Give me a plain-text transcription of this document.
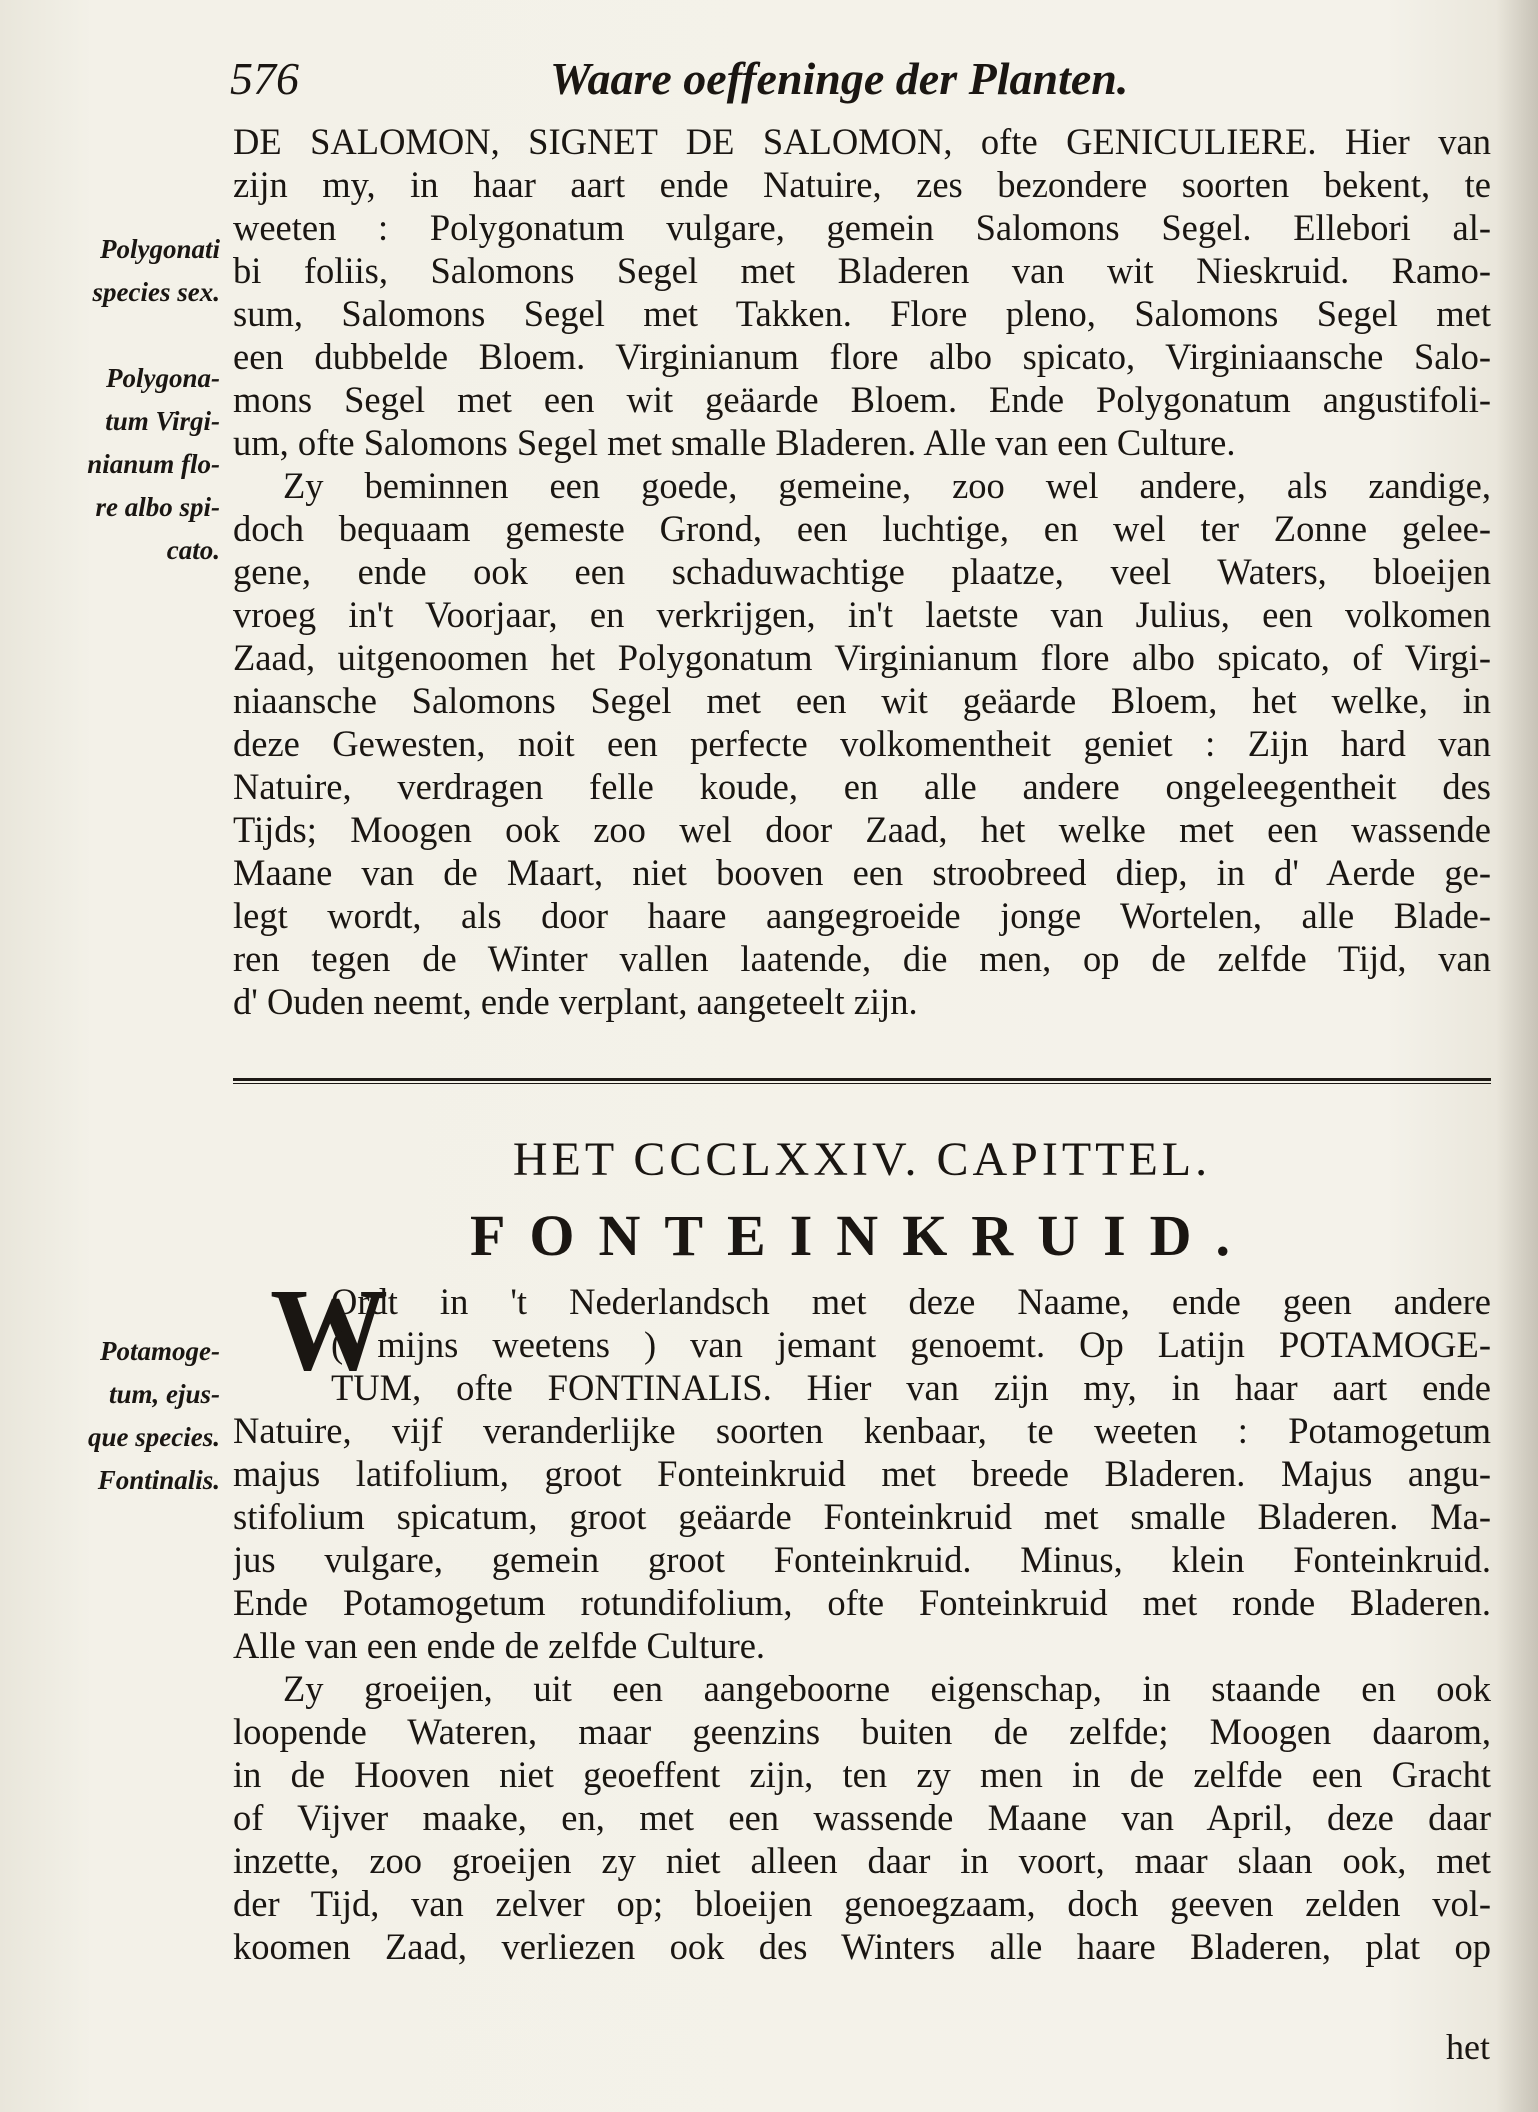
576	Waare oeffeninge der Planten.
Polygonati
species sex.
Polygona-
tum Virgi-
nianum flo-
re albo spi-
cato.
Potamoge-
tum, ejus-
que species.
Fontinalis.
DE SALOMON, SIGNET DE SALOMON, ofte GENICULIERE. Hier van
zijn my, in haar aart ende Natuire, zes bezondere soorten bekent, te
weeten : Polygonatum vulgare, gemein Salomons Segel. Ellebori al-
bi foliis, Salomons Segel met Bladeren van wit Nieskruid. Ramo-
sum, Salomons Segel met Takken. Flore pleno, Salomons Segel met
een dubbelde Bloem. Virginianum flore albo spicato, Virginiaansche Salo-
mons Segel met een wit geäarde Bloem. Ende Polygonatum angustifoli-
um, ofte Salomons Segel met smalle Bladeren. Alle van een Culture.
Zy beminnen een goede, gemeine, zoo wel andere, als zandige,
doch bequaam gemeste Grond, een luchtige, en wel ter Zonne gelee-
gene, ende ook een schaduwachtige plaatze, veel Waters, bloeijen
vroeg in't Voorjaar, en verkrijgen, in't laetste van Julius, een volkomen
Zaad, uitgenoomen het Polygonatum Virginianum flore albo spicato, of Virgi-
niaansche Salomons Segel met een wit geäarde Bloem, het welke, in
deze Gewesten, noit een perfecte volkomentheit geniet : Zijn hard van
Natuire, verdragen felle koude, en alle andere ongeleegentheit des
Tijds; Moogen ook zoo wel door Zaad, het welke met een wassende
Maane van de Maart, niet booven een stroobreed diep, in d' Aerde ge-
legt wordt, als door haare aangegroeide jonge Wortelen, alle Blade-
ren tegen de Winter vallen laatende, die men, op de zelfde Tijd, van
d' Ouden neemt, ende verplant, aangeteelt zijn.
HET CCCLXXIV. CAPITTEL.
FONTEINKRUID.
W
Ordt in 't Nederlandsch met deze Naame, ende geen andere
( mijns weetens ) van jemant genoemt. Op Latijn POTAMOGE-
TUM, ofte FONTINALIS. Hier van zijn my, in haar aart ende
Natuire, vijf veranderlijke soorten kenbaar, te weeten : Potamogetum
majus latifolium, groot Fonteinkruid met breede Bladeren. Majus angu-
stifolium spicatum, groot geäarde Fonteinkruid met smalle Bladeren. Ma-
jus vulgare, gemein groot Fonteinkruid. Minus, klein Fonteinkruid.
Ende Potamogetum rotundifolium, ofte Fonteinkruid met ronde Bladeren.
Alle van een ende de zelfde Culture.
Zy groeijen, uit een aangeboorne eigenschap, in staande en ook
loopende Wateren, maar geenzins buiten de zelfde; Moogen daarom,
in de Hooven niet geoeffent zijn, ten zy men in de zelfde een Gracht
of Vijver maake, en, met een wassende Maane van April, deze daar
inzette, zoo groeijen zy niet alleen daar in voort, maar slaan ook, met
der Tijd, van zelver op; bloeijen genoegzaam, doch geeven zelden vol-
koomen Zaad, verliezen ook des Winters alle haare Bladeren, plat op
het
